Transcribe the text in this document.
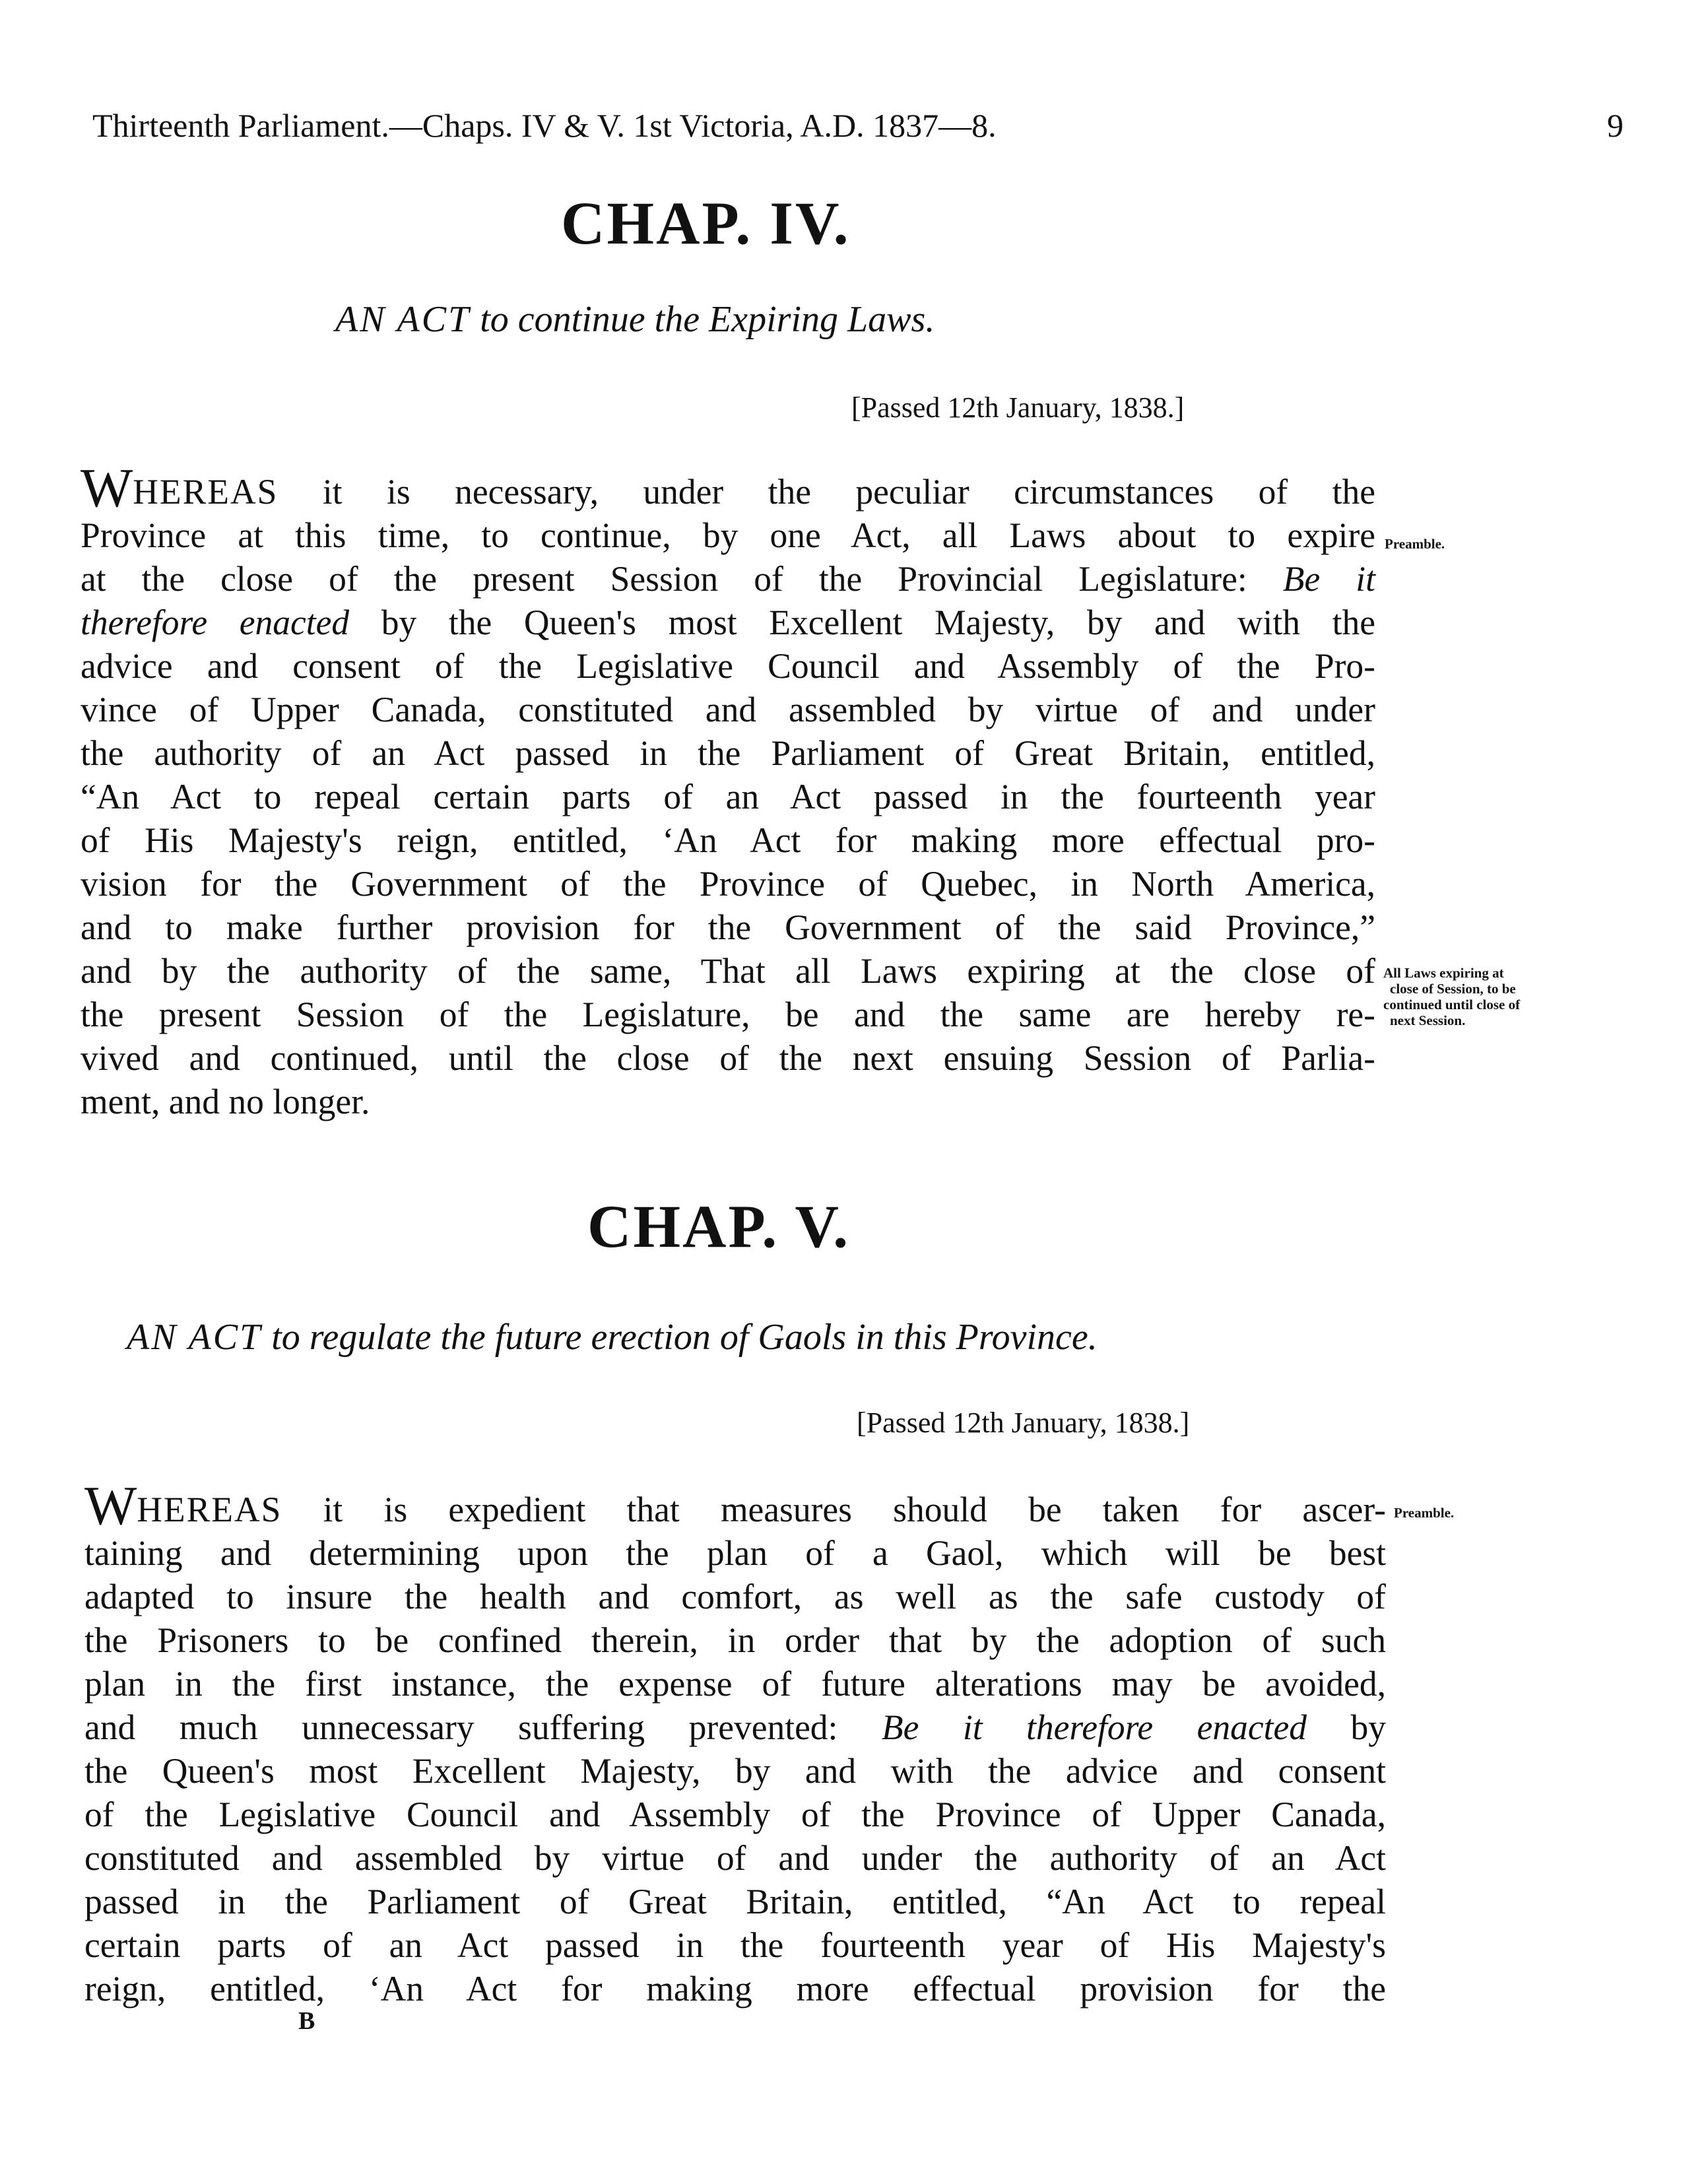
Thirteenth Parliament.—Chaps. IV & V. 1st Victoria, A.D. 1837—8.	9
CHAP. IV.
AN ACT to continue the Expiring Laws.
[Passed 12th January, 1838.]
WHEREAS it is necessary, under the peculiar circumstances of the
Province at this time, to continue, by one Act, all Laws about to expire
at the close of the present Session of the Provincial Legislature: Be it
therefore enacted by the Queen's most Excellent Majesty, by and with the
advice and consent of the Legislative Council and Assembly of the Pro-
vince of Upper Canada, constituted and assembled by virtue of and under
the authority of an Act passed in the Parliament of Great Britain, entitled,
“An Act to repeal certain parts of an Act passed in the fourteenth year
of His Majesty's reign, entitled, ‘An Act for making more effectual pro-
vision for the Government of the Province of Quebec, in North America,
and to make further provision for the Government of the said Province,”
and by the authority of the same, That all Laws expiring at the close of
the present Session of the Legislature, be and the same are hereby re-
vived and continued, until the close of the next ensuing Session of Parlia-
ment, and no longer.
Preamble.
All Laws expiring at
close of Session, to be
continued until close of
next Session.
CHAP. V.
AN ACT to regulate the future erection of Gaols in this Province.
[Passed 12th January, 1838.]
WHEREAS it is expedient that measures should be taken for ascer-
taining and determining upon the plan of a Gaol, which will be best
adapted to insure the health and comfort, as well as the safe custody of
the Prisoners to be confined therein, in order that by the adoption of such
plan in the first instance, the expense of future alterations may be avoided,
and much unnecessary suffering prevented: Be it therefore enacted by
the Queen's most Excellent Majesty, by and with the advice and consent
of the Legislative Council and Assembly of the Province of Upper Canada,
constituted and assembled by virtue of and under the authority of an Act
passed in the Parliament of Great Britain, entitled, “An Act to repeal
certain parts of an Act passed in the fourteenth year of His Majesty's
reign, entitled, ‘An Act for making more effectual provision for the
Preamble.
B
